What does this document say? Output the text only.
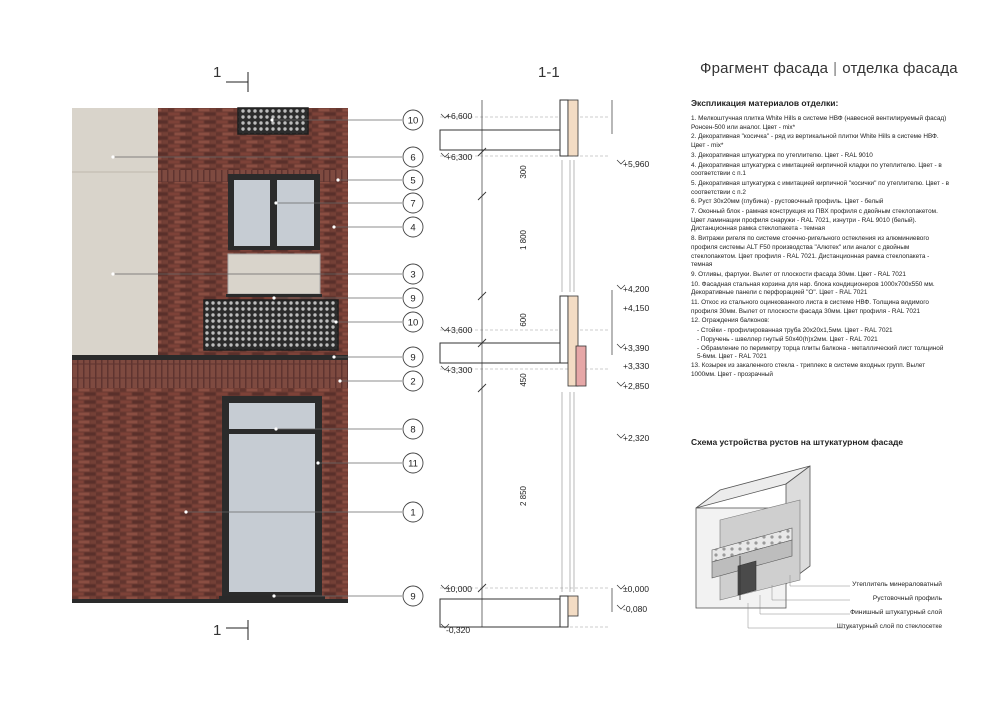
Фрагмент фасада | отделка фасада
1
1
1-1
10
6
5
7
4
3
9
10
9
2
8
11
1
9
+6,600
+6,300
+3,600
+3,300
±0,000
-0,320
+5,960
+4,200
+4,150
+3,390
+3,330
+2,850
+2,320
±0,000
-0,080
300
1 800
600
450
2 850
Экспликация материалов отделки:
1. Мелкоштучная плитка White Hills в системе НВФ (навесной вентилируемый фасад) Ронсен-500 или аналог. Цвет - mix*
2. Декоративная "косичка" - ряд из вертикальной плитки White Hills в системе НВФ. Цвет - mix*
3. Декоративная штукатурка по утеплителю. Цвет - RAL 9010
4. Декоративная штукатурка с имитацией кирпичной кладки по утеплителю. Цвет - в соответствии с п.1
5. Декоративная штукатурка с имитацией кирпичной "косички" по утеплителю. Цвет - в соответствии с п.2
6. Руст 30х20мм (глубина) - рустовочный профиль. Цвет - белый
7. Оконный блок - рамная конструкция из ПВХ профиля с двойным стеклопакетом. Цвет ламинации профиля снаружи - RAL 7021, изнутри - RAL 9010 (белый). Дистанционная рамка стеклопакета - темная
8. Витражи ригеля по системе стоечно-ригельного остекления из алюминиевого профиля системы ALT F50 производства "Алютех" или аналог с двойным стеклопакетом. Цвет профиля - RAL 7021. Дистанционная рамка стеклопакета - темная
9. Отливы, фартуки. Вылет от плоскости фасада 30мм. Цвет - RAL 7021
10. Фасадная стальная корзина для нар. блока кондиционеров 1000х700х550 мм. Декоративные панели с перфорацией "О". Цвет - RAL 7021
11. Откос из стального оцинкованного листа в системе НВФ. Толщина видимого профиля 30мм. Вылет от плоскости фасада 30мм. Цвет профиля - RAL 7021
12. Ограждения балконов:
- Стойки - профилированная труба 20х20х1,5мм. Цвет - RAL 7021
- Поручень - швеллер гнутый 50х40(h)х2мм. Цвет - RAL 7021
- Обрамление по периметру торца плиты балкона - металлический лист толщиной 5-6мм. Цвет - RAL 7021
13. Козырек из закаленного стекла - триплекс в системе входных групп. Вылет 1000мм. Цвет - прозрачный
Схема устройства рустов на штукатурном фасаде
Утеплитель минераловатный
Рустовочный профиль
Финишный штукатурный слой
Штукатурный слой по стеклосетке
